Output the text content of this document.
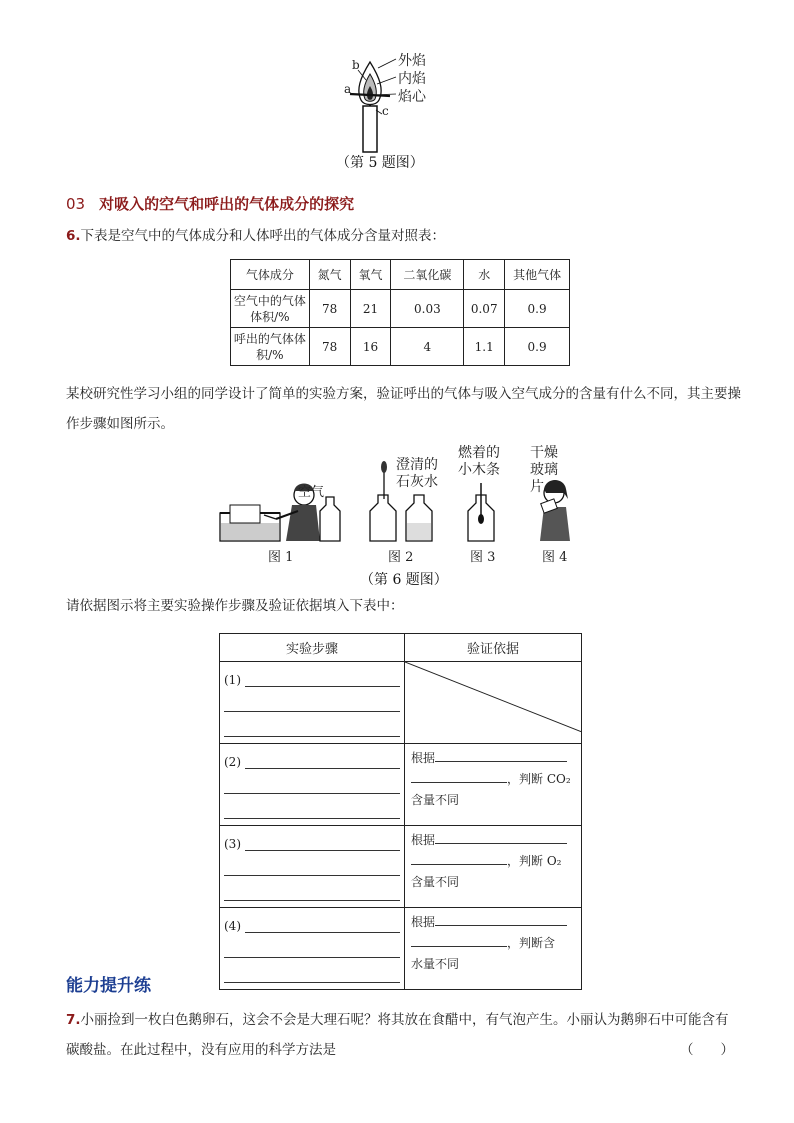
b
a
c
外焰
内焰
焰心
（第 5 题图）
03 对吸入的空气和呼出的气体成分的探究
6.下表是空气中的气体成分和人体呼出的气体成分含量对照表：
气体成分	氮气	氧气	二氧化碳	水	其他气体
空气中的气体体积/%	78	21	0.03	0.07	0.9
呼出的气体体积/%	78	16	4	1.1	0.9
某校研究性学习小组的同学设计了简单的实验方案，验证呼出的气体与吸入空气成分的含量有什么不同，其主要操作步骤如图所示。
空气
澄清的石灰水
燃着的小木条
干燥玻璃片
图 1	图 2	图 3	图 4
（第 6 题图）
请依据图示将主要实验操作步骤及验证依据填入下表中：
实验步骤	验证依据

(1)

(2)	根据
，判断 CO₂
含量不同

(3)	根据
，判断 O₂
含量不同

(4)	根据
，判断含
水量不同
能力提升练
7.小丽捡到一枚白色鹅卵石，这会不会是大理石呢？将其放在食醋中，有气泡产生。小丽认为鹅卵石中可能含有
碳酸盐。在此过程中，没有应用的科学方法是	（　　）
